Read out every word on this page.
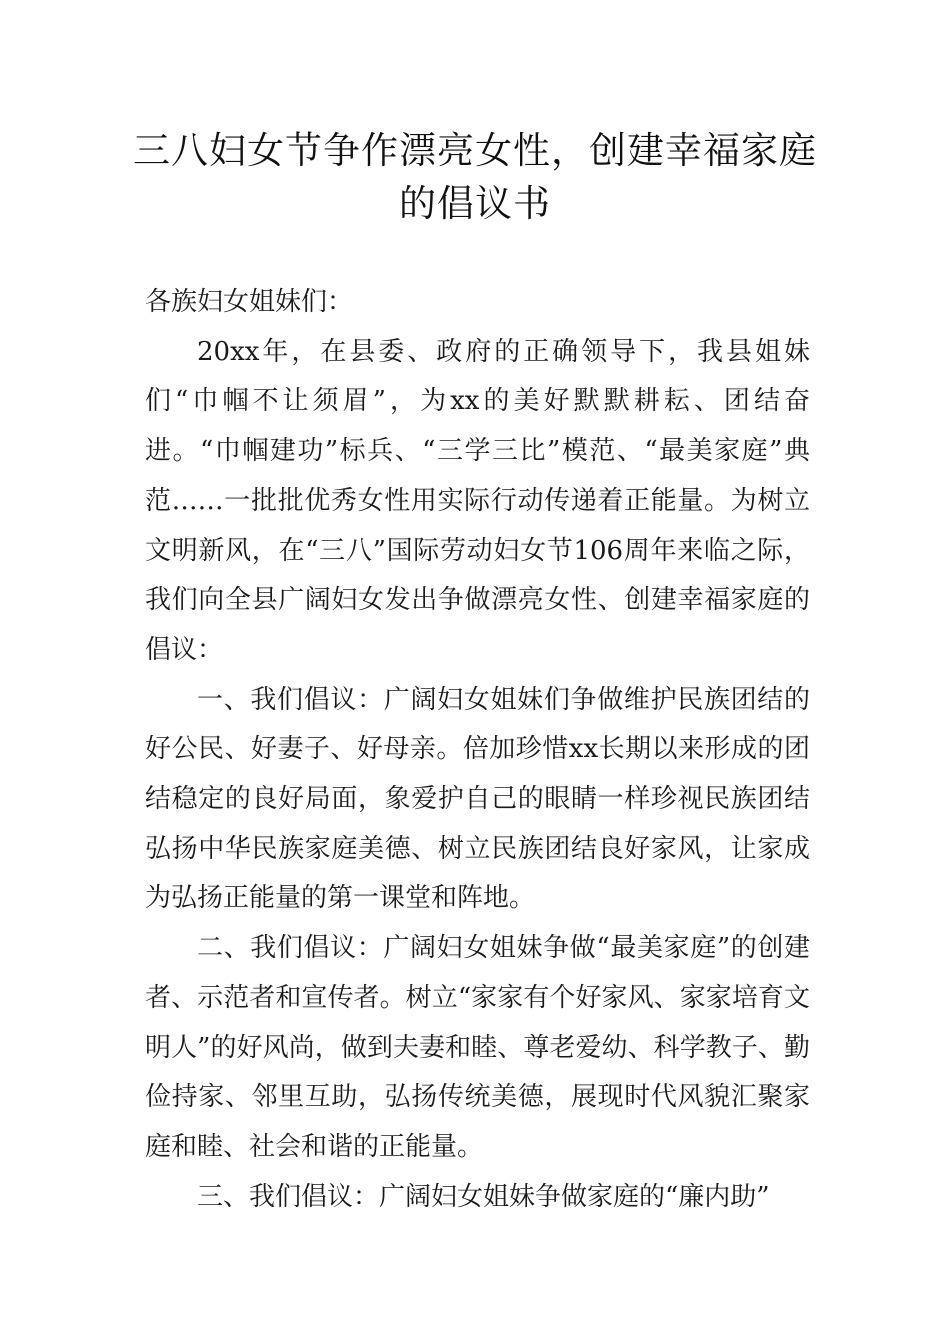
三八妇女节争作漂亮女性，创建幸福家庭
的倡议书

各族妇女姐妹们：

20xx年，在县委、政府的正确领导下，我县姐妹们“巾帼不让须眉”，为xx的美好默默耕耘、团结奋进。“巾帼建功”标兵、“三学三比”模范、“最美家庭”典范……一批批优秀女性用实际行动传递着正能量。为树立文明新风，在“三八”国际劳动妇女节106周年来临之际，我们向全县广阔妇女发出争做漂亮女性、创建幸福家庭的倡议：

一、我们倡议：广阔妇女姐妹们争做维护民族团结的好公民、好妻子、好母亲。倍加珍惜xx长期以来形成的团结稳定的良好局面，象爱护自己的眼睛一样珍视民族团结弘扬中华民族家庭美德、树立民族团结良好家风，让家成为弘扬正能量的第一课堂和阵地。

二、我们倡议：广阔妇女姐妹争做“最美家庭”的创建者、示范者和宣传者。树立“家家有个好家风、家家培育文明人”的好风尚，做到夫妻和睦、尊老爱幼、科学教子、勤俭持家、邻里互助，弘扬传统美德，展现时代风貌汇聚家庭和睦、社会和谐的正能量。

三、我们倡议：广阔妇女姐妹争做家庭的“廉内助”
